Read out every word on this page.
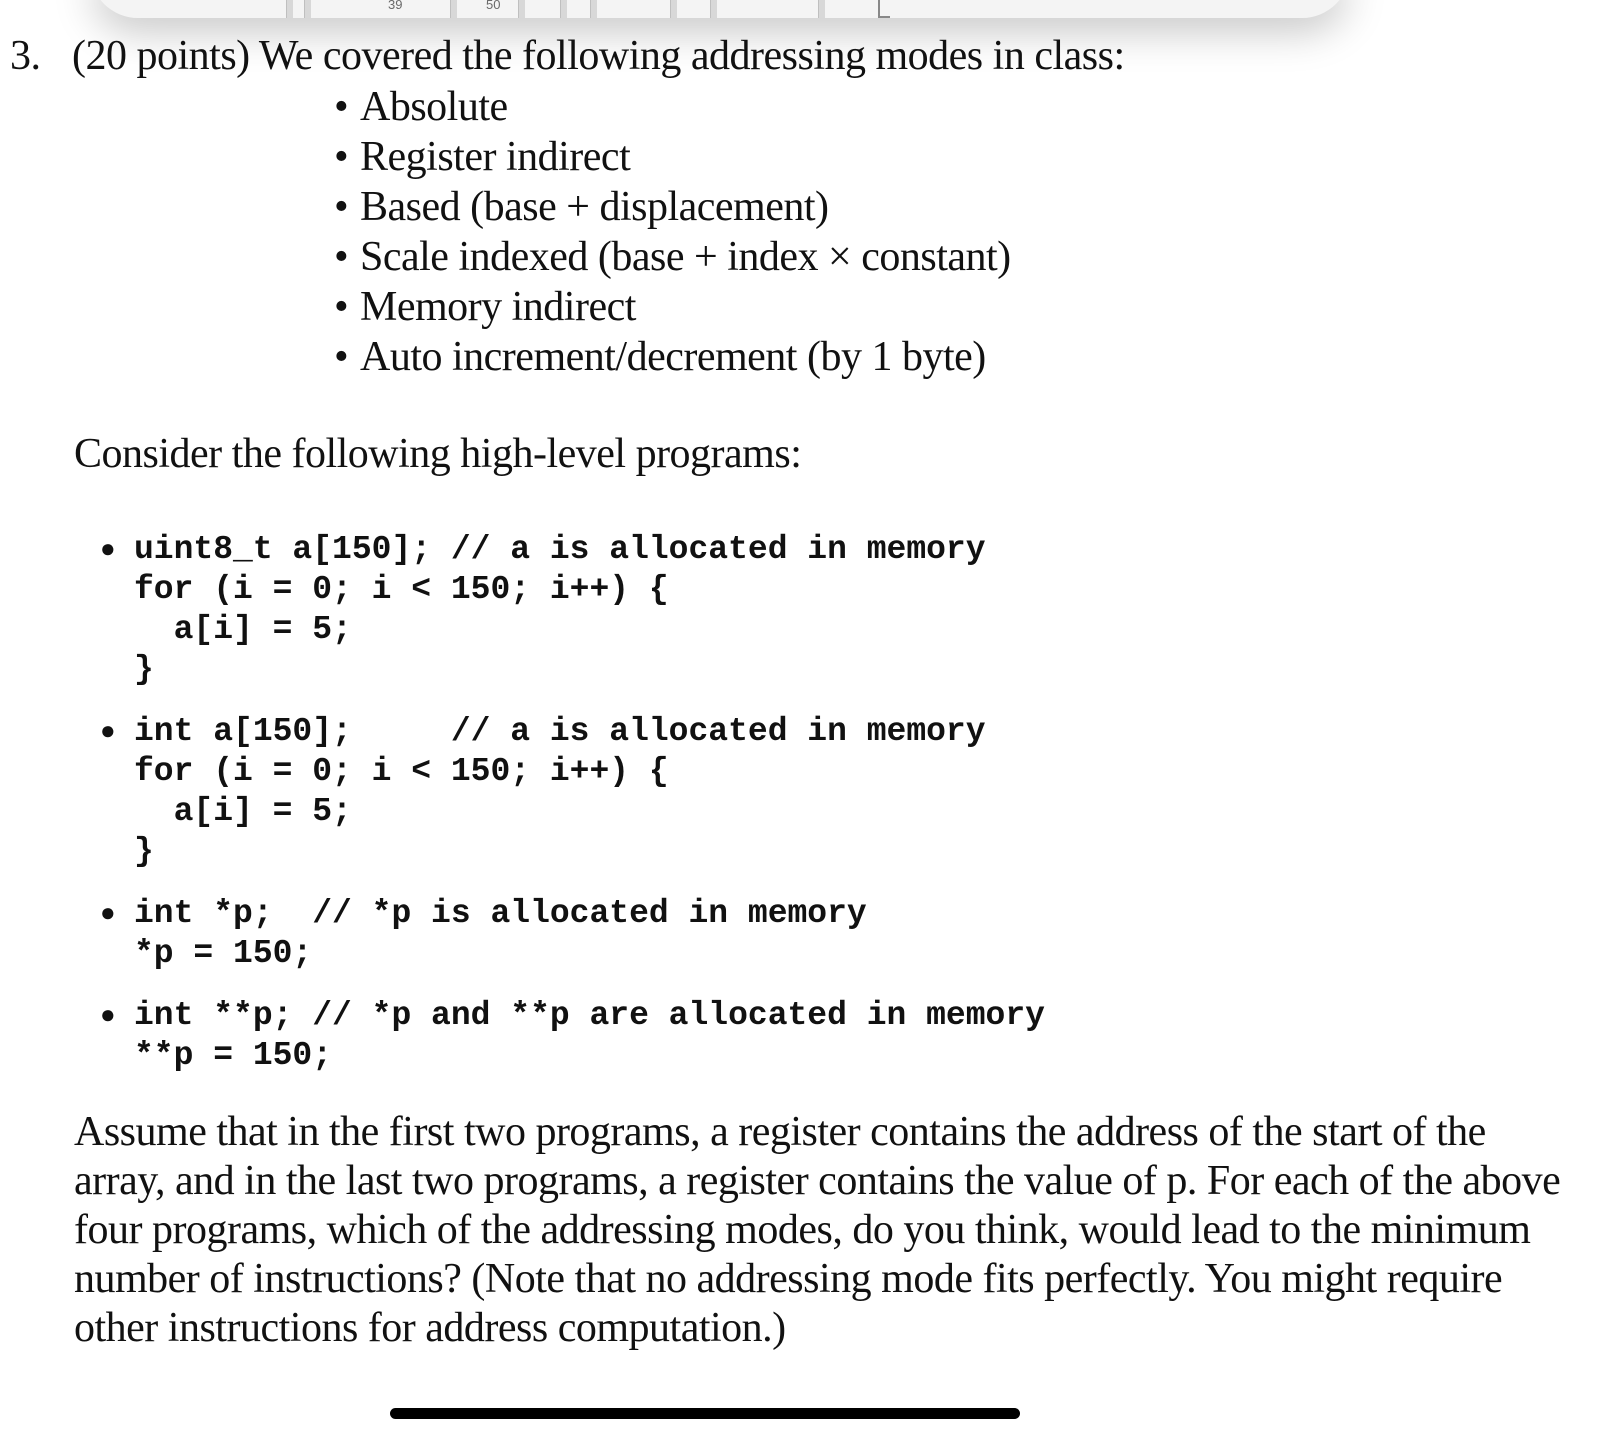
39	50
3. (20 points) We covered the following addressing modes in class:
• Absolute
• Register indirect
• Based (base + displacement)
• Scale indexed (base + index × constant)
• Memory indirect
• Auto increment/decrement (by 1 byte)
Consider the following high-level programs:
● uint8_t a[150]; // a is allocated in memory
for (i = 0; i < 150; i++) {
a[i] = 5;
}
● int a[150];     // a is allocated in memory
for (i = 0; i < 150; i++) {
a[i] = 5;
}
● int *p;  // *p is allocated in memory
*p = 150;
● int **p; // *p and **p are allocated in memory
**p = 150;

Assume that in the first two programs, a register contains the address of the start of the array, and in the last two programs, a register contains the value of p. For each of the above four programs, which of the addressing modes, do you think, would lead to the minimum number of instructions? (Note that no addressing mode fits perfectly. You might require other instructions for address computation.)
